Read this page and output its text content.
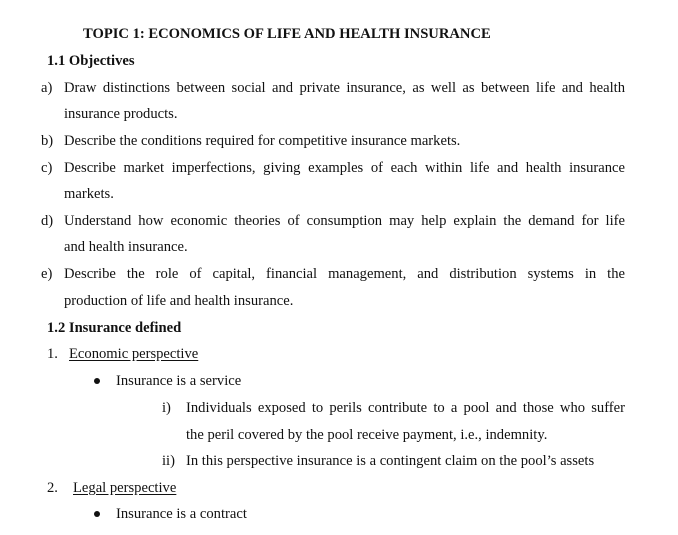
TOPIC 1: ECONOMICS OF LIFE AND HEALTH INSURANCE
1.1 Objectives
a) Draw distinctions between social and private insurance, as well as between life and health
insurance products.
b) Describe the conditions required for competitive insurance markets.
c) Describe market imperfections, giving examples of each within life and health insurance
markets.
d) Understand how economic theories of consumption may help explain the demand for life
and health insurance.
e) Describe the role of capital, financial management, and distribution systems in the
production of life and health insurance.
1.2 Insurance defined
1. Economic perspective
Insurance is a service
i) Individuals exposed to perils contribute to a pool and those who suffer
the peril covered by the pool receive payment, i.e., indemnity.
ii) In this perspective insurance is a contingent claim on the pool’s assets
2. Legal perspective
Insurance is a contract
